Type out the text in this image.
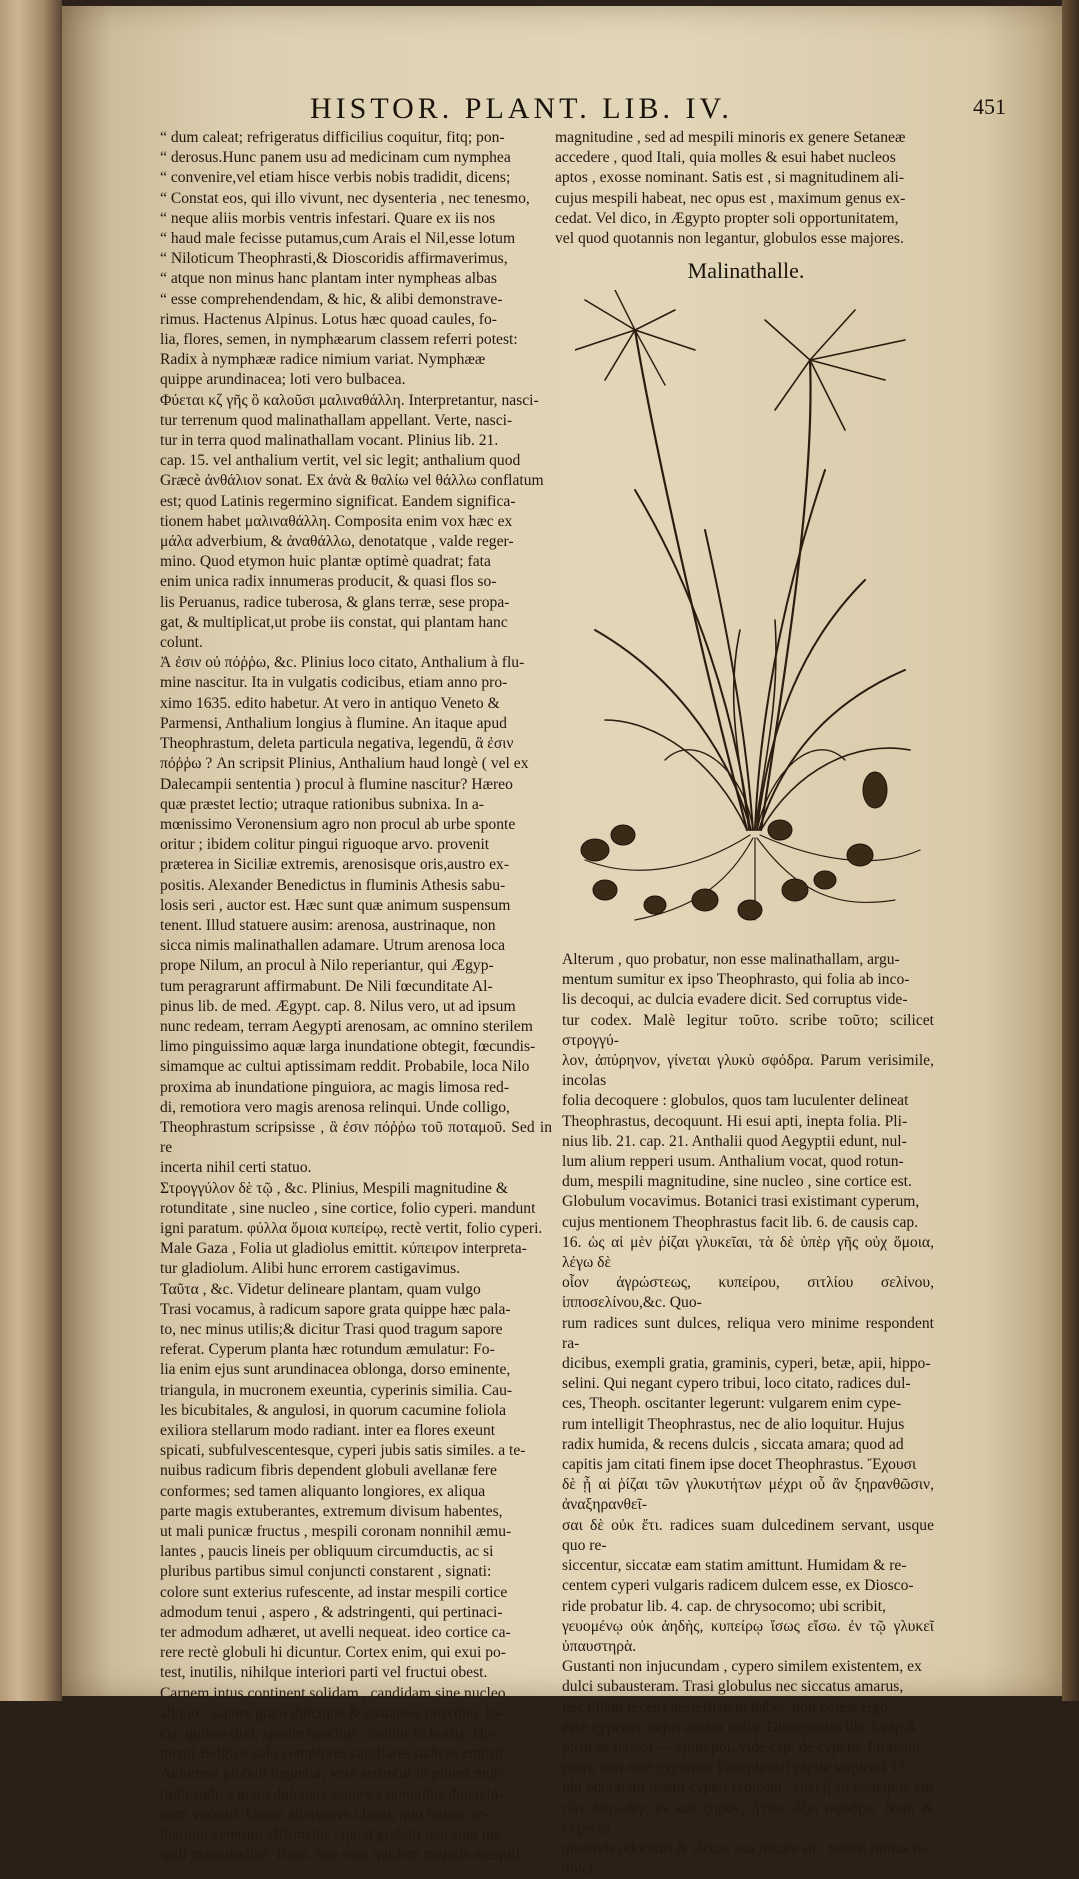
HISTOR. PLANT. LIB. IV.	451

“ dum caleat; refrigeratus difficilius coquitur, fitq; pon-

“ derosus.Hunc panem usu ad medicinam cum nymphea

“ convenire,vel etiam hisce verbis nobis tradidit, dicens;

“ Constat eos, qui illo vivunt, nec dysenteria , nec tenesmo,

“ neque aliis morbis ventris infestari. Quare ex iis nos

“ haud male fecisse putamus,cum Arais el Nil,esse lotum

“ Niloticum Theophrasti,& Dioscoridis affirmaverimus,

“ atque non minus hanc plantam inter nympheas albas

“ esse comprehendendam, & hic, & alibi demonstrave-

rimus. Hactenus Alpinus. Lotus hæc quoad caules, fo-

lia, flores, semen, in nymphæarum classem referri potest:

Radix à nymphææ radice nimium variat. Nymphææ

quippe arundinacea; loti vero bulbacea.

Φύεται κζ γῆς ὃ καλοῦσι μαλιναθάλλη. Interpretantur, nasci-

tur terrenum quod malinathallam appellant. Verte, nasci-

tur in terra quod malinathallam vocant. Plinius lib. 21.

cap. 15. vel anthalium vertit, vel sic legit; anthalium quod

Græcè ἀνθάλιον sonat. Ex ἀνὰ & θαλίω vel θάλλω conflatum

est; quod Latinis regermino significat. Eandem significa-

tionem habet μαλιναθάλλη. Composita enim vox hæc ex

μάλα adverbium, & ἀναθάλλω, denotatque , valde reger-

mino. Quod etymon huic plantæ optimè quadrat; fata

enim unica radix innumeras producit, & quasi flos so-

lis Peruanus, radice tuberosa, & glans terræ, sese propa-

gat, & multiplicat,ut probe iis constat, qui plantam hanc

colunt.

Ἀ ἐσιν οὐ πόῤῥω, &c. Plinius loco citato, Anthalium à flu-

mine nascitur. Ita in vulgatis codicibus, etiam anno pro-

ximo 1635. edito habetur. At vero in antiquo Veneto &

Parmensi, Anthalium longius à flumine. An itaque apud

Theophrastum, deleta particula negativa, legendū, ἃ ἐσιν

πόῤῥω ? An scripsit Plinius, Anthalium haud longè ( vel ex

Dalecampii sententia ) procul à flumine nascitur? Hæreo

quæ præstet lectio; utraque rationibus subnixa. In a-

mœnissimo Veronensium agro non procul ab urbe sponte

oritur ; ibidem colitur pingui riguoque arvo. provenit

præterea in Siciliæ extremis, arenosisque oris,austro ex-

positis. Alexander Benedictus in fluminis Athesis sabu-

losis seri , auctor est. Hæc sunt quæ animum suspensum

tenent. Illud statuere ausim: arenosa, austrinaque, non

sicca nimis malinathallen adamare. Utrum arenosa loca

prope Nilum, an procul à Nilo reperiantur, qui Ægyp-

tum peragrarunt affirmabunt. De Nili fœcunditate Al-

pinus lib. de med. Ægypt. cap. 8. Nilus vero, ut ad ipsum

nunc redeam, terram Aegypti arenosam, ac omnino sterilem

limo pinguissimo aquæ larga inundatione obtegit, fœcundis-

simamque ac cultui aptissimam reddit. Probabile, loca Nilo

proxima ab inundatione pinguiora, ac magis limosa red-

di, remotiora vero magis arenosa relinqui. Unde colligo,

Theophrastum scripsisse , ἃ ἐσιν πόῤῥω τοῦ ποταμοῦ. Sed in re

incerta nihil certi statuo.

Στρογγύλον δὲ τῷ , &c. Plinius, Mespili magnitudine &

rotunditate , sine nucleo , sine cortice, folio cyperi. mandunt

igni paratum. φύλλα ὅμοια κυπείρῳ, rectè vertit, folio cyperi.

Male Gaza , Folia ut gladiolus emittit. κύπειρον interpreta-

tur gladiolum. Alibi hunc errorem castigavimus.

Ταῦτα , &c. Videtur delineare plantam, quam vulgo

Trasi vocamus, à radicum sapore grata quippe hæc pala-

to, nec minus utilis;& dicitur Trasi quod tragum sapore

referat. Cyperum planta hæc rotundum æmulatur: Fo-

lia enim ejus sunt arundinacea oblonga, dorso eminente,

triangula, in mucronem exeuntia, cyperinis similia. Cau-

les bicubitales, & angulosi, in quorum cacumine foliola

exiliora stellarum modo radiant. inter ea flores exeunt

spicati, subfulvescentesque, cyperi jubis satis similes. a te-

nuibus radicum fibris dependent globuli avellanæ fere

conformes; sed tamen aliquanto longiores, ex aliqua

parte magis extuberantes, extremum divisum habentes,

ut mali punicæ fructus , mespili coronam nonnihil æmu-

lantes , paucis lineis per obliquum circumductis, ac si

pluribus partibus simul conjuncti constarent , signati:

colore sunt exterius rufescente, ad instar mespili cortice

admodum tenui , aspero , & adstringenti, qui pertinaci-

ter admodum adhæret, ut avelli nequeat. ideo cortice ca-

rere rectè globuli hi dicuntur. Cortex enim, qui exui po-

test, inutilis, nihilque interiori parti vel fructui obest.

Carnem intus continent solidam , candidam sine nucleo

aliquo , sapore grato dulcique & castaneis proximo. lo-

cis, quibus dixi, sponte nascitur ; colitur in hortis. Hu-

menti Belgico solo complures capillares radices emittit.

Autumno globuli leguntur, vere seruntur in plures mul-

tiplicandi. à grato dulcique sapore à nonnullis dulcichi-

num vocatur. Unum alterumve obstat, quo minus an-

thalium veterum affirmetur ; quod globuli non sunt me-

spili magnitudine. Resp. non esse quidem majoris mespili

magnitudine , sed ad mespili minoris ex genere Setaneæ

accedere , quod Itali, quia molles & esui habet nucleos

aptos , exosse nominant. Satis est , si magnitudinem ali-

cujus mespili habeat, nec opus est , maximum genus ex-

cedat. Vel dico, in Ægypto propter soli opportunitatem,

vel quod quotannis non legantur, globulos esse majores.

Malinathalle.

Alterum , quo probatur, non esse malinathallam, argu-

mentum sumitur ex ipso Theophrasto, qui folia ab inco-

lis decoqui, ac dulcia evadere dicit. Sed corruptus vide-

tur codex. Malè legitur τοῦτο. scribe τοῦτο; scilicet στρογγύ-

λον, ἀπύρηνον, γίνεται γλυκὺ σφόδρα. Parum verisimile, incolas

folia decoquere : globulos, quos tam luculenter delineat

Theophrastus, decoquunt. Hi esui apti, inepta folia. Pli-

nius lib. 21. cap. 21. Anthalii quod Aegyptii edunt, nul-

lum alium repperi usum. Anthalium vocat, quod rotun-

dum, mespili magnitudine, sine nucleo , sine cortice est.

Globulum vocavimus. Botanici trasi existimant cyperum,

cujus mentionem Theophrastus facit lib. 6. de causis cap.

16. ὡς αἱ μὲν ῥίζαι γλυκεῖαι, τὰ δὲ ὑπὲρ γῆς οὐχ ὅμοια, λέγω δὲ

οἷον ἀγρώστεως, κυπείρου, σιτλίου σελίνου, ἱπποσελίνου,&c. Quo-

rum radices sunt dulces, reliqua vero minime respondent ra-

dicibus, exempli gratia, graminis, cyperi, betæ, apii, hippo-

selini. Qui negant cypero tribui, loco citato, radices dul-

ces, Theoph. oscitanter legerunt: vulgarem enim cype-

rum intelligit Theophrastus, nec de alio loquitur. Hujus

radix humida, & recens dulcis , siccata amara; quod ad

capitis jam citati finem ipse docet Theophrastus. Ἔχουσι

δὲ ᾗ αἱ ῥίζαι τῶν γλυκυτήτων μέχρι οὗ ἂν ξηρανθῶσιν, ἀναξηρανθεῖ-

σαι δὲ οὐκ ἔτι. radices suam dulcedinem servant, usque quo re-

siccentur, siccatæ eam statim amittunt. Humidam & re-

centem cyperi vulgaris radicem dulcem esse, ex Diosco-

ride probatur lib. 4. cap. de chrysocomo; ubi scribit,

γευομένῳ οὐκ ἀηδὴς, κυπείρῳ ἴσως εἴσω. ἐν τῷ γλυκεῖ ὑπαυστηρὰ.

Gustanti non injucundam , cypero similem existentem, ex

dulci subausteram. Trasi globulus nec siccatus amarus,

nec ullam recens austeritatem habet. non potest ergo

esse cyperus, cujus amara radix. Dioscorides lib. 1.cap.4.

ῥίζαι δὲ ὕπεισι — ἔμπικροι. vide cap. de cypero. Probatur

porro non esse cyperum Theophrasti capite sequenti 17.

ubi odoratam inquit cyperi radicem , ἐπεὶ ᾗ τὸ κύπειρον καὶ

τῶν ὀσμώδης ἐν καὶ ξηρὸν, ἧττον ὄζει σφόδρα. Nam & cyperus

quamvis odoratus & siccus sua natura sit , tamen minus re-

dolet
